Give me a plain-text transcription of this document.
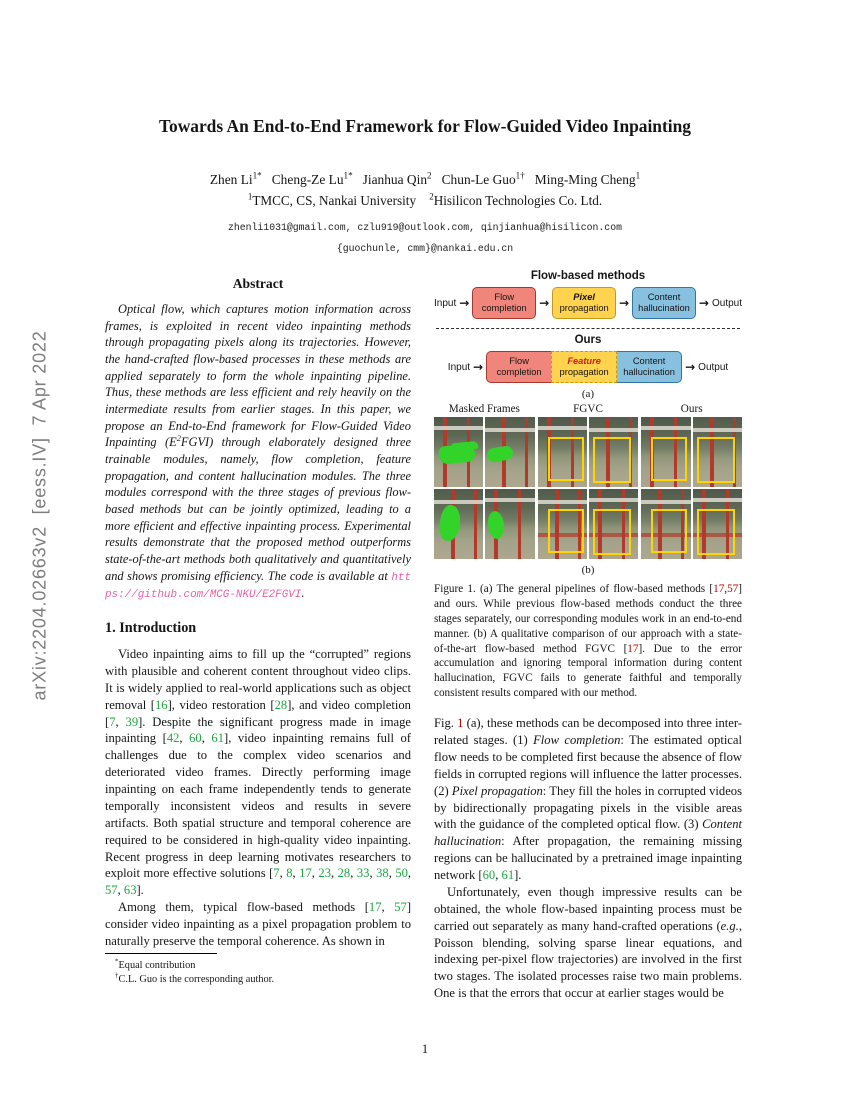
arXiv:2204.02663v2  [eess.IV]  7 Apr 2022
Towards An End-to-End Framework for Flow-Guided Video Inpainting
Zhen $Li^{1*}$ Cheng-Ze $Lu^{1*}$ Jianhua Qin$^2$ Chun-Le Guo$^{1\dagger}$ Ming-Ming Cheng$^1$
$^1$TMCC, CS, Nankai University $^2$Hisilicon Technologies Co. Ltd.
zhenli1031@gmail.com, czlu919@outlook.com, qinjianhua@hisilicon.com
{guochunle, cmm}@nankai.edu.cn
Abstract

Optical flow, which captures motion information across frames, is exploited in recent video inpainting methods through propagating pixels along its trajectories. However, the hand-crafted flow-based processes in these methods are applied separately to form the whole inpainting pipeline. Thus, these methods are less efficient and rely heavily on the intermediate results from earlier stages. In this paper, we propose an End-to-End framework for Flow-Guided Video Inpainting $(E^2FGVI)$ through elaborately designed three trainable modules, namely, flow completion, feature propagation, and content hallucination modules. The three modules correspond with the three stages of previous flow-based methods but can be jointly optimized, leading to a more efficient and effective inpainting process. Experimental results demonstrate that the proposed method outperforms state-of-the-art methods both qualitatively and quantitatively and shows promising efficiency. The code is available at https://github.com/MCG-NKU/E2FGVI.

1. Introduction

Video inpainting aims to fill up the “corrupted” regions with plausible and coherent content throughout video clips. It is widely applied to real-world applications such as object removal [16], video restoration [28], and video completion [7, 39]. Despite the significant progress made in image inpainting [42, 60, 61], video inpainting remains full of challenges due to the complex video scenarios and deteriorated video frames. Directly performing image inpainting on each frame independently tends to generate temporally inconsistent videos and results in severe artifacts. Both spatial structure and temporal coherence are required to be considered in high-quality video inpainting. Recent progress in deep learning motivates researchers to exploit more effective solutions [7, 8, 17, 23, 28, 33, 38, 50, 57, 63].

Among them, typical flow-based methods [17, 57] consider video inpainting as a pixel propagation problem to naturally preserve the temporal coherence. As shown in

Flow-based methods
Input →	Flow
completion →	Pixel
propagation → Content
hallucination → Output
Ours
Input →	Flow
completion
Feature
propagation
Content
hallucination → Output
(a)
Masked Frames	FGVC	Ours
(b)

Figure 1. (a) The general pipelines of flow-based methods [17,57] and ours. While previous flow-based methods conduct the three stages separately, our corresponding modules work in an end-to-end manner. (b) A qualitative comparison of our approach with a state-of-the-art flow-based method FGVC [17]. Due to the error accumulation and ignoring temporal information during content hallucination, FGVC fails to generate faithful and temporally consistent results compared with our method.

Fig. 1 (a), these methods can be decomposed into three inter-related stages. (1) Flow completion: The estimated optical flow needs to be completed first because the absence of flow fields in corrupted regions will influence the latter processes. (2) Pixel propagation: They fill the holes in corrupted videos by bidirectionally propagating pixels in the visible areas with the guidance of the completed optical flow. (3) Content hallucination: After propagation, the remaining missing regions can be hallucinated by a pretrained image inpainting network [60, 61].

Unfortunately, even though impressive results can be obtained, the whole flow-based inpainting process must be carried out separately as many hand-crafted operations (e.g., Poisson blending, solving sparse linear equations, and indexing per-pixel flow trajectories) are involved in the first two stages. The isolated processes raise two main problems. One is that the errors that occur at earlier stages would be

*Equal contribution
†C.L. Guo is the corresponding author.
1
